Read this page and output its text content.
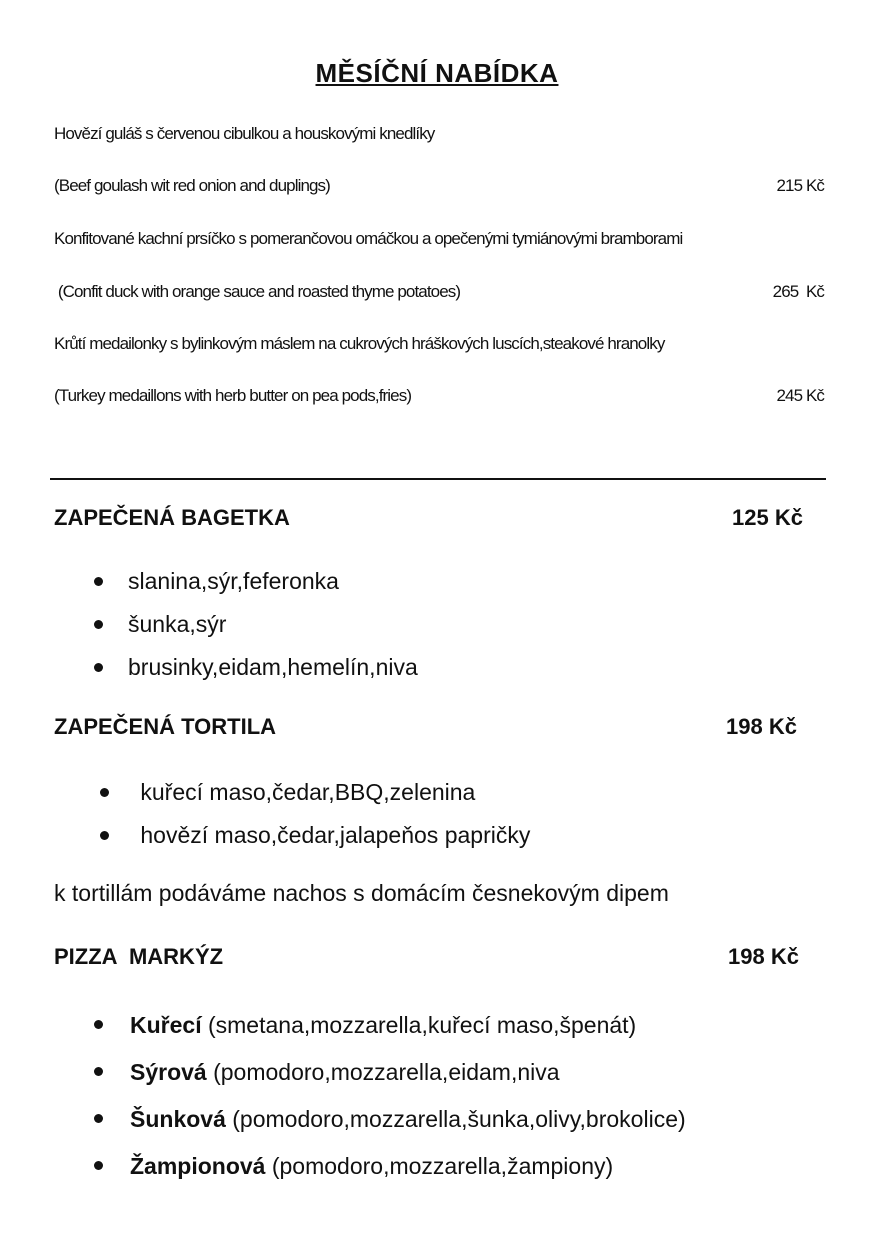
MĚSÍČNÍ NABÍDKA
Hovězí guláš s červenou cibulkou a houskovými knedlíky
(Beef goulash wit red onion and duplings)	215 Kč
Konfitované kachní prsíčko s pomerančovou omáčkou a opečenými tymiánovými bramborami
(Confit duck with orange sauce and roasted thyme potatoes)	265  Kč
Krůtí medailonky s bylinkovým máslem na cukrových hráškových luscích,steakové hranolky
(Turkey medaillons with herb butter on pea pods,fries)	245 Kč
ZAPEČENÁ BAGETKA	125 Kč
slanina,sýr,feferonka
šunka,sýr
brusinky,eidam,hemelín,niva
ZAPEČENÁ TORTILA	198 Kč
kuřecí maso,čedar,BBQ,zelenina
hovězí maso,čedar,jalapeňos papričky
k tortillám podáváme nachos s domácím česnekovým dipem
PIZZA  MARKÝZ	198 Kč
Kuřecí (smetana,mozzarella,kuřecí maso,špenát)
Sýrová (pomodoro,mozzarella,eidam,niva
Šunková (pomodoro,mozzarella,šunka,olivy,brokolice)
Žampionová (pomodoro,mozzarella,žampiony)
